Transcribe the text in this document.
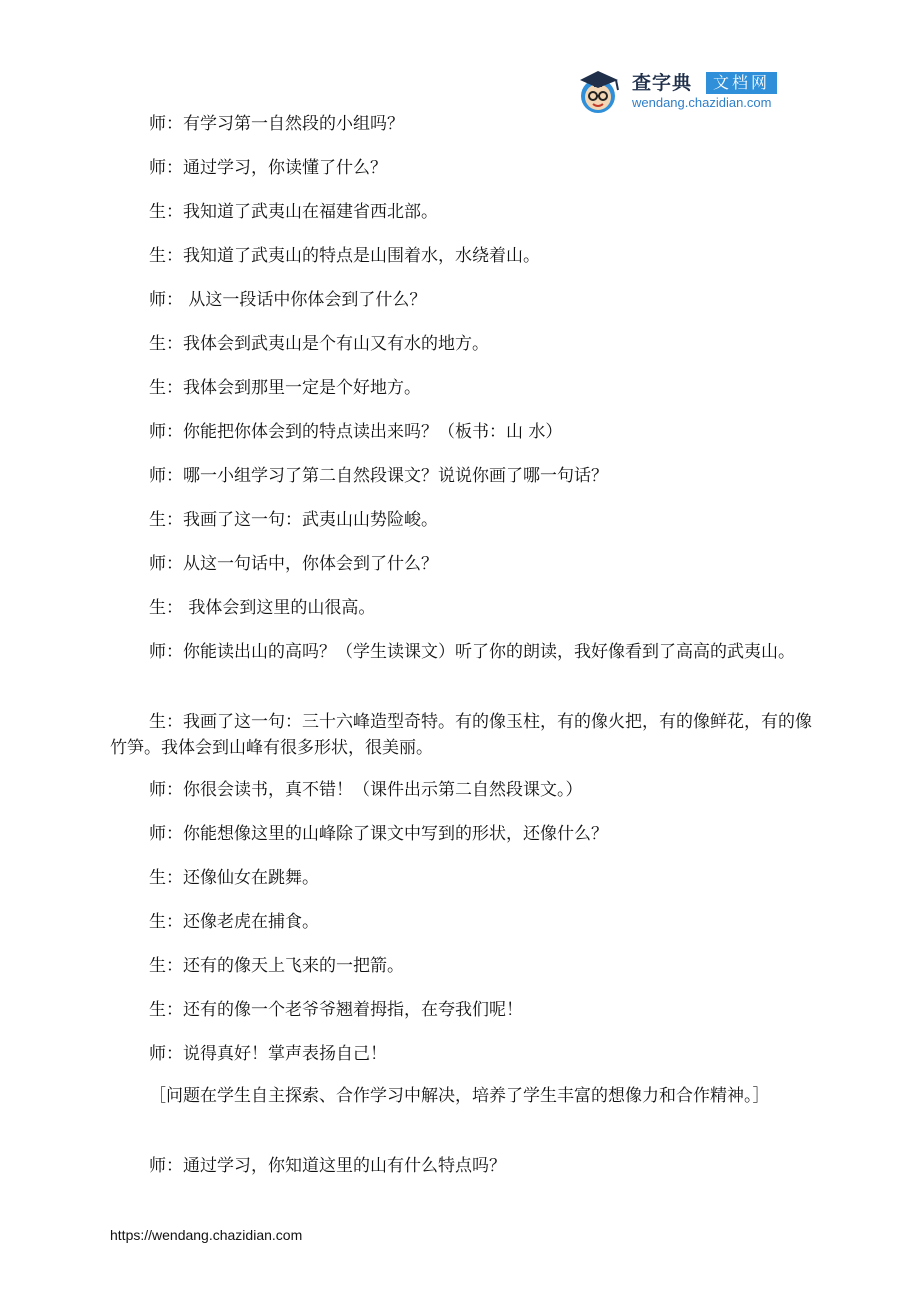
查字典	文档网
wendang.chazidian.com
师：有学习第一自然段的小组吗？
师：通过学习，你读懂了什么？
生：我知道了武夷山在福建省西北部。
生：我知道了武夷山的特点是山围着水，水绕着山。
师： 从这一段话中你体会到了什么？
生：我体会到武夷山是个有山又有水的地方。
生：我体会到那里一定是个好地方。
师：你能把你体会到的特点读出来吗？（板书：山 水）
师：哪一小组学习了第二自然段课文？说说你画了哪一句话？
生：我画了这一句：武夷山山势险峻。
师：从这一句话中，你体会到了什么？
生： 我体会到这里的山很高。
师：你能读出山的高吗？（学生读课文）听了你的朗读，我好像看到了高高的武夷山。
生：我画了这一句：三十六峰造型奇特。有的像玉柱，有的像火把，有的像鲜花，有的像竹笋。我体会到山峰有很多形状，很美丽。
师：你很会读书，真不错！（课件出示第二自然段课文。）
师：你能想像这里的山峰除了课文中写到的形状，还像什么？
生：还像仙女在跳舞。
生：还像老虎在捕食。
生：还有的像天上飞来的一把箭。
生：还有的像一个老爷爷翘着拇指，在夸我们呢！
师：说得真好！掌声表扬自己！
［问题在学生自主探索、合作学习中解决，培养了学生丰富的想像力和合作精神。］
师：通过学习，你知道这里的山有什么特点吗？
https://wendang.chazidian.com
